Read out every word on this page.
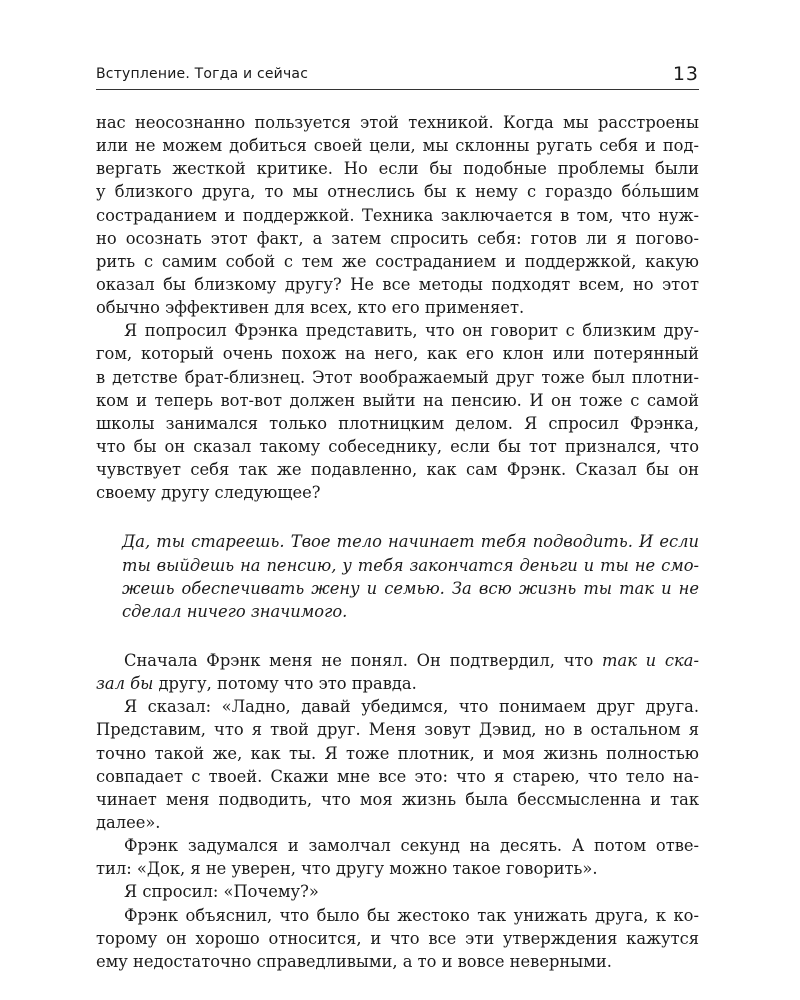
Вступление. Тогда и сейчас	13
нас неосознанно пользуется этой техникой. Когда мы расстроены
или не можем добиться своей цели, мы склонны ругать себя и под-
вергать жесткой критике. Но если бы подобные проблемы были
у близкого друга, то мы отнеслись бы к нему с гораздо бóльшим
состраданием и поддержкой. Техника заключается в том, что нуж-
но осознать этот факт, а затем спросить себя: готов ли я погово-
рить с самим собой с тем же состраданием и поддержкой, какую
оказал бы близкому другу? Не все методы подходят всем, но этот
обычно эффективен для всех, кто его применяет.
Я попросил Фрэнка представить, что он говорит с близким дру-
гом, который очень похож на него, как его клон или потерянный
в детстве брат-близнец. Этот воображаемый друг тоже был плотни-
ком и теперь вот-вот должен выйти на пенсию. И он тоже с самой
школы занимался только плотницким делом. Я спросил Фрэнка,
что бы он сказал такому собеседнику, если бы тот признался, что
чувствует себя так же подавленно, как сам Фрэнк. Сказал бы он
своему другу следующее?
Да, ты стареешь. Твое тело начинает тебя подводить. И если
ты выйдешь на пенсию, у тебя закончатся деньги и ты не смо-
жешь обеспечивать жену и семью. За всю жизнь ты так и не
сделал ничего значимого.
Сначала Фрэнк меня не понял. Он подтвердил, что так и ска-
зал бы другу, потому что это правда.
Я сказал: «Ладно, давай убедимся, что понимаем друг друга.
Представим, что я твой друг. Меня зовут Дэвид, но в остальном я
точно такой же, как ты. Я тоже плотник, и моя жизнь полностью
совпадает с твоей. Скажи мне все это: что я старею, что тело на-
чинает меня подводить, что моя жизнь была бессмысленна и так
далее».
Фрэнк задумался и замолчал секунд на десять. А потом отве-
тил: «Док, я не уверен, что другу можно такое говорить».
Я спросил: «Почему?»
Фрэнк объяснил, что было бы жестоко так унижать друга, к ко-
торому он хорошо относится, и что все эти утверждения кажутся
ему недостаточно справедливыми, а то и вовсе неверными.
